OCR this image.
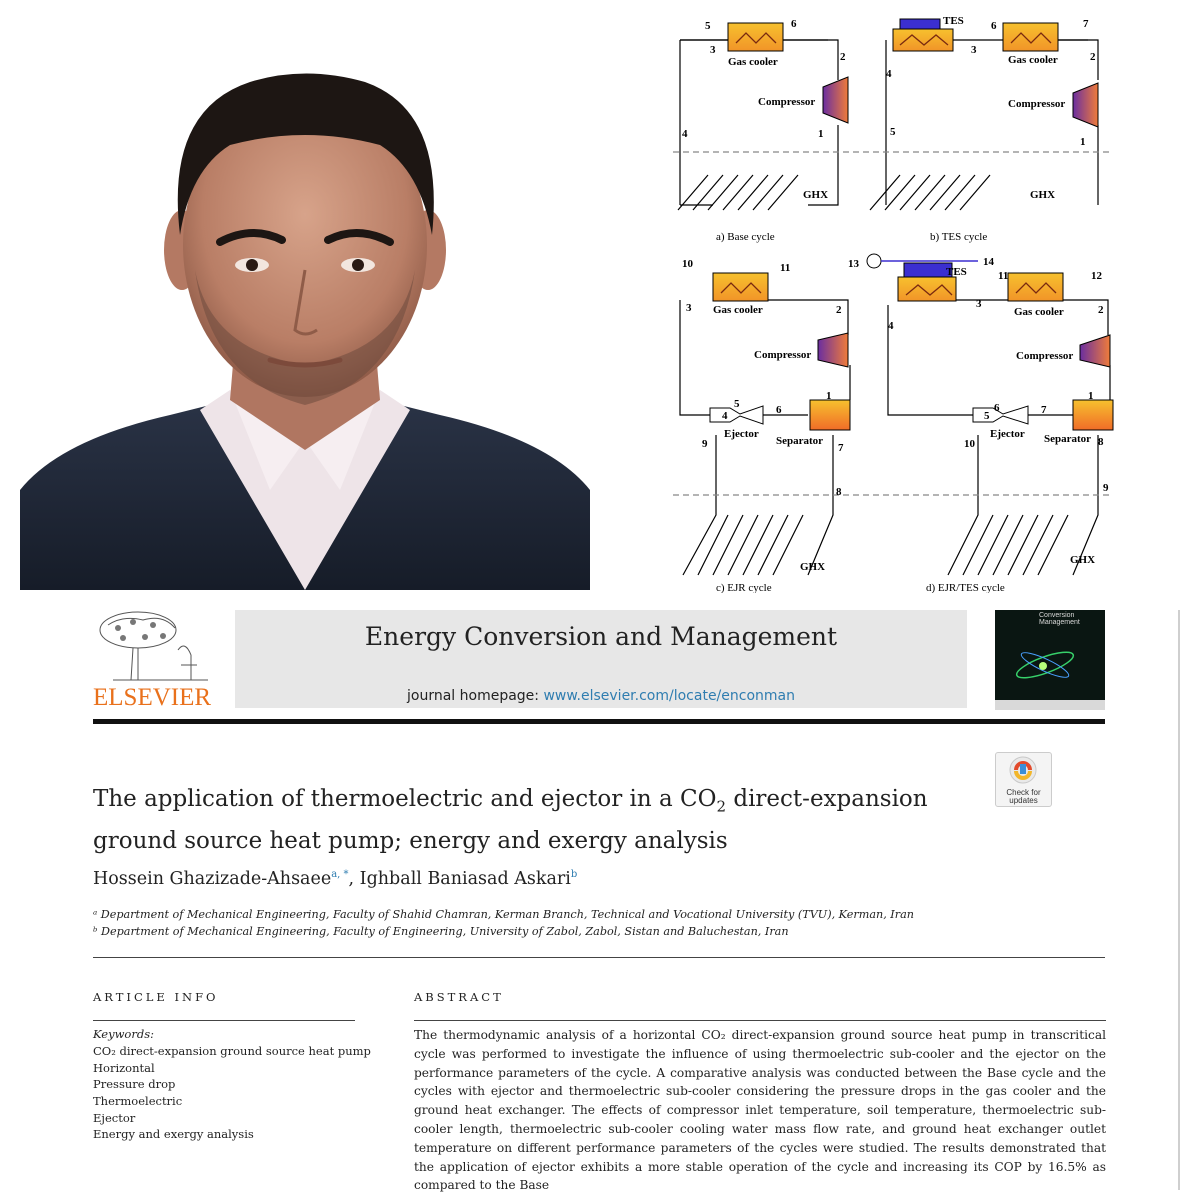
5	6
3
2
4	1
6	7
3
2
4
5
1
10	11
3	2
1
5	6
4
9	7
8
13	14
11	12
3
4
2
1
6	7
5
10	8
9
Gas cooler
Compressor
GHX
TES
Gas cooler
Compressor
GHX
Gas cooler
Compressor
Ejector
Separator
GHX
TES
Gas cooler
Compressor
Ejector Separator
GHX
a) Base cycle	b) TES cycle
c) EJR cycle	d) EJR/TES cycle
ELSEVIER
Energy Conversion and Management
journal homepage: www.elsevier.com/locate/enconman
Conversion
Management
The application of thermoelectric and ejector in a $CO_2$ direct-expansion ground source heat pump; energy and exergy analysis
Check for updates
Hossein Ghazizade-Ahsaee$^{a, *}$, Ighball Baniasad Askari$^b$
ᵃ Department of Mechanical Engineering, Faculty of Shahid Chamran, Kerman Branch, Technical and Vocational University (TVU), Kerman, Iran
ᵇ Department of Mechanical Engineering, Faculty of Engineering, University of Zabol, Zabol, Sistan and Baluchestan, Iran
ARTICLE INFO	ABSTRACT
Keywords:
CO₂ direct-expansion ground source heat pump
Horizontal
Pressure drop
Thermoelectric
Ejector
Energy and exergy analysis
The thermodynamic analysis of a horizontal CO₂ direct-expansion ground source heat pump in transcritical cycle was performed to investigate the influence of using thermoelectric sub-cooler and the ejector on the performance parameters of the cycle. A comparative analysis was conducted between the Base cycle and the cycles with ejector and thermoelectric sub-cooler considering the pressure drops in the gas cooler and the ground heat exchanger. The effects of compressor inlet temperature, soil temperature, thermoelectric sub-cooler length, thermoelectric sub-cooler cooling water mass flow rate, and ground heat exchanger outlet temperature on different performance parameters of the cycles were studied. The results demonstrated that the application of ejector exhibits a more stable operation of the cycle and increasing its COP by 16.5% as compared to the Base
